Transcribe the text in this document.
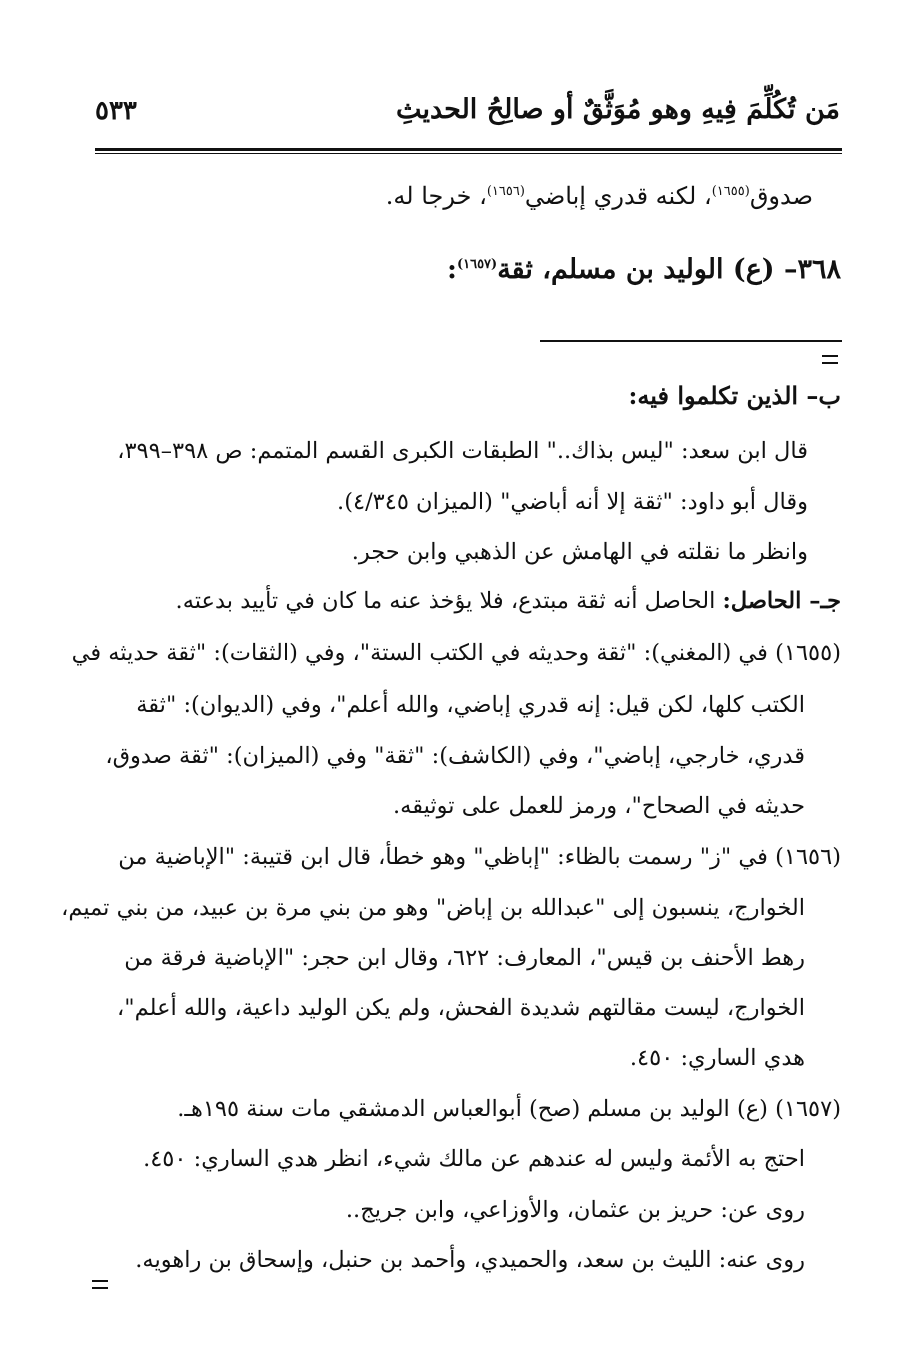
مَن تُكُلِّمَ فِيهِ وهو مُوَثَّقٌ أو صالِحُ الحديثِ
٥٣٣
صدوق$^{(١٦٥٥)}$، لكنه قدري إباضي$^{(١٦٥٦)}$، خرجا له.
٣٦٨– (ع) الوليد بن مسلم، ثقة$^{(١٦٥٧)}$:
ب– الذين تكلموا فيه:
قال ابن سعد: "ليس بذاك.." الطبقات الكبرى القسم المتمم: ص ٣٩٨–٣٩٩،
وقال أبو داود: "ثقة إلا أنه أباضي" (الميزان ٤/٣٤٥).
وانظر ما نقلته في الهامش عن الذهبي وابن حجر.
جـ– الحاصل: الحاصل أنه ثقة مبتدع، فلا يؤخذ عنه ما كان في تأييد بدعته.
(١٦٥٥) في (المغني): "ثقة وحديثه في الكتب الستة"، وفي (الثقات): "ثقة حديثه في
الكتب كلها، لكن قيل: إنه قدري إباضي، والله أعلم"، وفي (الديوان): "ثقة
قدري، خارجي، إباضي"، وفي (الكاشف): "ثقة" وفي (الميزان): "ثقة صدوق،
حديثه في الصحاح"، ورمز للعمل على توثيقه.
(١٦٥٦) في "ز" رسمت بالظاء: "إباظي" وهو خطأ، قال ابن قتيبة: "الإباضية من
الخوارج، ينسبون إلى "عبدالله بن إباض" وهو من بني مرة بن عبيد، من بني تميم،
رهط الأحنف بن قيس"، المعارف: ٦٢٢، وقال ابن حجر: "الإباضية فرقة من
الخوارج، ليست مقالتهم شديدة الفحش، ولم يكن الوليد داعية، والله أعلم"،
هدي الساري: ٤٥٠.
(١٦٥٧) (ع) الوليد بن مسلم (صح) أبوالعباس الدمشقي مات سنة ١٩٥هـ.
احتج به الأئمة وليس له عندهم عن مالك شيء، انظر هدي الساري: ٤٥٠.
روى عن: حريز بن عثمان، والأوزاعي، وابن جريج..
روى عنه: الليث بن سعد، والحميدي، وأحمد بن حنبل، وإسحاق بن راهويه.
